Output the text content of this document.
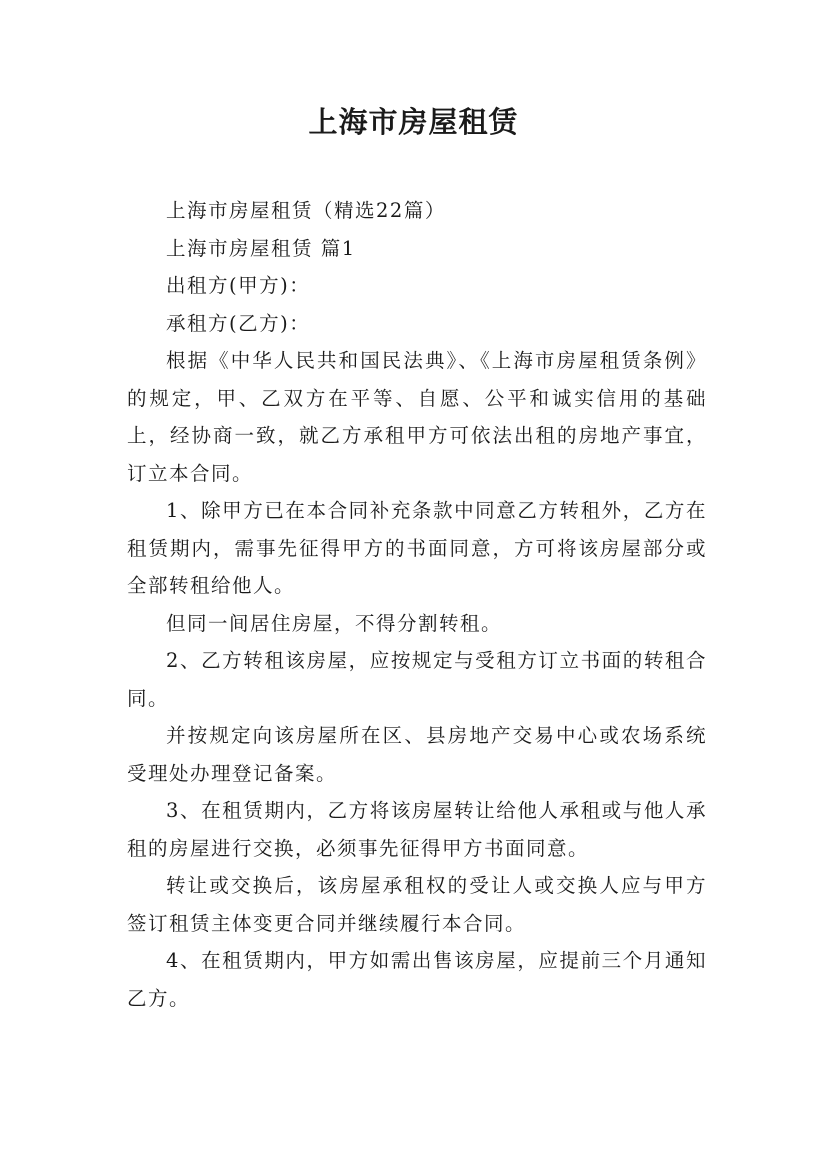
上海市房屋租赁

上海市房屋租赁（精选22篇）

上海市房屋租赁 篇1

出租方(甲方)：

承租方(乙方)：

根据《中华人民共和国民法典》、《上海市房屋租赁条例》的规定，甲、乙双方在平等、自愿、公平和诚实信用的基础上，经协商一致，就乙方承租甲方可依法出租的房地产事宜，订立本合同。

1、除甲方已在本合同补充条款中同意乙方转租外，乙方在租赁期内，需事先征得甲方的书面同意，方可将该房屋部分或全部转租给他人。

但同一间居住房屋，不得分割转租。

2、乙方转租该房屋，应按规定与受租方订立书面的转租合同。

并按规定向该房屋所在区、县房地产交易中心或农场系统受理处办理登记备案。

3、在租赁期内，乙方将该房屋转让给他人承租或与他人承租的房屋进行交换，必须事先征得甲方书面同意。

转让或交换后，该房屋承租权的受让人或交换人应与甲方签订租赁主体变更合同并继续履行本合同。

4、在租赁期内，甲方如需出售该房屋，应提前三个月通知乙方。
